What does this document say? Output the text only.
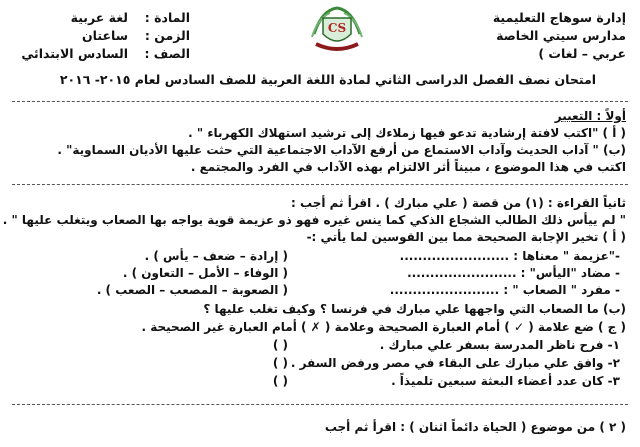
إدارة سوهاج التعليمية
مدارس سيتي الخاصة
عربي – لغات )
المادة :
لغة عربية
الزمن :
ساعتان
الصف :
السادس الابتدائي
CS
امتحان نصف الفصل الدراسى الثاني لمادة اللغة العربية للصف السادس لعام ٢٠١٥- ٢٠١٦
أولاً : التعبير
( أ ) "اكتب لافتة إرشادية تدعو فيها زملاءك إلى ترشيد استهلاك الكهرباء " .
(ب) " آداب الحديث وآداب الاستماع من أرفع الآداب الاجتماعية التي حثت عليها الأديان السماوية" .
اكتب في هذا الموضوع ، مبيناً أثر الالتزام بهذه الآداب في الفرد والمجتمع .
ثانياً القراءة : (١) من قصة ( علي مبارك ) . اقرأ ثم أجب :
" لم ييأس ذلك الطالب الشجاع الذكي كما ينس غيره فهو ذو عزيمة قوية يواجه بها الصعاب ويتغلب عليها " .
( أ ) تخير الإجابة الصحيحة مما بين القوسين لما يأتي :-
-"عزيمة " معناها : ........................
( إرادة – ضعف – يأس ) .
- مضاد "اليأس" : ........................
( الوفاء – الأمل – التعاون ) .
- مفرد " الصعاب " : ........................
( الصعوبة – المصعب – الصعب ) .
(ب) ما الصعاب التي واجهها علي مبارك في فرنسا ؟ وكيف تغلب عليها ؟
( ج ) ضع علامة ( ✓ ) أمام العبارة الصحيحة وعلامة ( ✗ ) أمام العبارة غير الصحيحة .
١- فرح ناظر المدرسة بسفر علي مبارك .
( )
٢- وافق علي مبارك على البقاء في مصر ورفض السفر .
( )
٣- كان عدد أعضاء البعثة سبعين تلميذاً .
( )
( ٢ ) من موضوع ( الحياة دائماً اثنان ) : اقرأ ثم أجب
